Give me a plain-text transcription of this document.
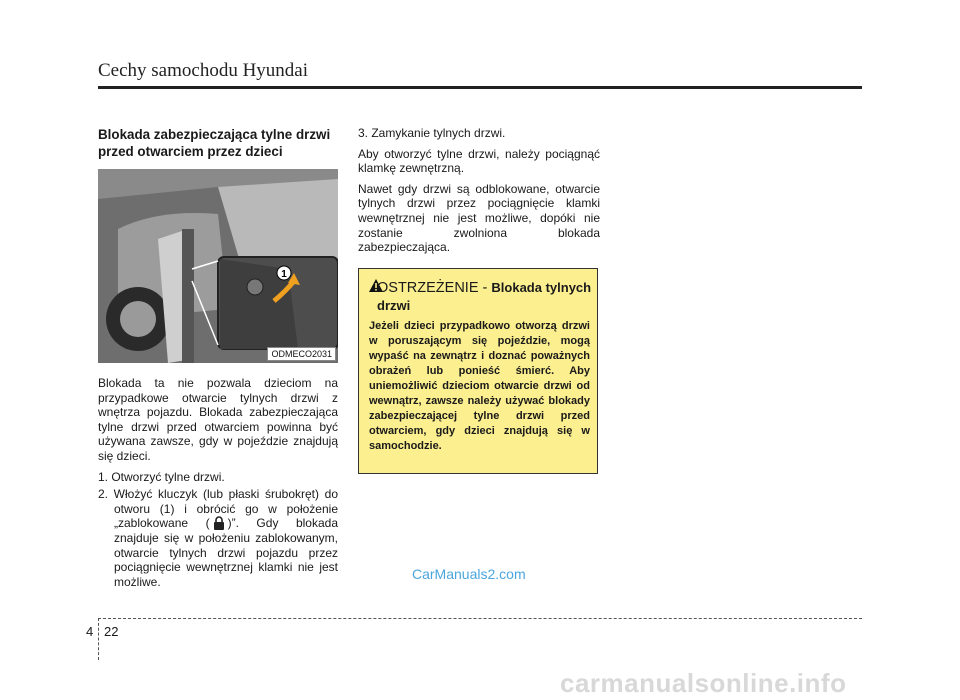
Cechy samochodu Hyundai
Blokada zabezpieczająca tylne drzwi przed otwarciem przez dzieci
1
ODMECO2031

Blokada ta nie pozwala dzieciom na przypadkowe otwarcie tylnych drzwi z wnętrza pojazdu. Blokada zabezpieczająca tylne drzwi przed otwarciem powinna być używana zawsze, gdy w pojeździe znajdują się dzieci.

1. Otworzyć tylne drzwi.
2. Włożyć kluczyk (lub płaski śrubokręt) do otworu (1) i obrócić go w położenie „zablokowane ( )”. Gdy blokada znajduje się w położeniu zablokowanym, otwarcie tylnych drzwi pojazdu przez pociągnięcie wewnętrznej klamki nie jest możliwe.

3. Zamykanie tylnych drzwi.

Aby otworzyć tylne drzwi, należy pociągnąć klamkę zewnętrzną.

Nawet gdy drzwi są odblokowane, otwarcie tylnych drzwi przez pociągnięcie klamki wewnętrznej nie jest możliwe, dopóki nie zostanie zwolniona blokada zabezpieczająca.

OSTRZEŻENIE - Blokada tylnych drzwi

Jeżeli dzieci przypadkowo otworzą drzwi w poruszającym się pojeździe, mogą wypaść na zewnątrz i doznać poważnych obrażeń lub ponieść śmierć. Aby uniemożliwić dzieciom otwarcie drzwi od wewnątrz, zawsze należy używać blokady zabezpieczającej tylne drzwi przed otwarciem, gdy dzieci znajdują się w samochodzie.

CarManuals2.com
4 22
carmanualsonline.info
